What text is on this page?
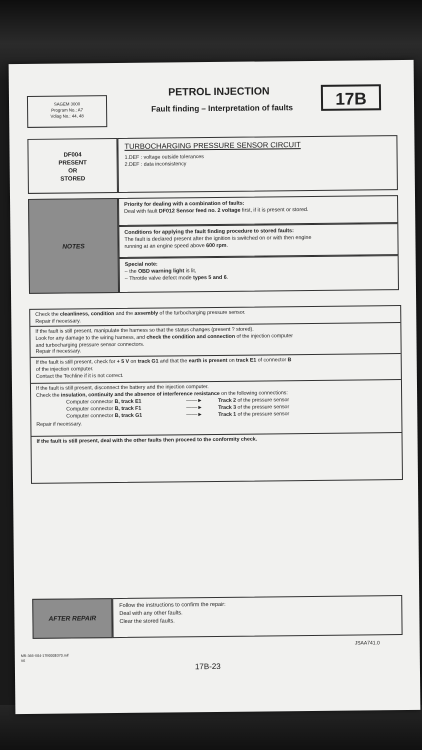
SAGEM 3000
Program No.: A7
Vdiag No.: 44, 48
PETROL INJECTION
Fault finding – Interpretation of faults	17B
DF004
PRESENT
OR
STORED
TURBOCHARGING PRESSURE SENSOR CIRCUIT
1.DEF : voltage outside tolerances
2.DEF : data inconsistency
NOTES
Priority for dealing with a combination of faults:
Deal with fault DF012 Sensor feed no. 2 voltage first, if it is present or stored.
Conditions for applying the fault finding procedure to stored faults:
The fault is declared present after the ignition is switched on or with then engine
running at an engine speed above 600 rpm.
Special note:
– the OBD warning light is lit,
– Throttle valve defect mode types 5 and 6.
Check the cleanliness, condition and the assembly of the turbocharging pressure sensor.
Repair if necessary.
If the fault is still present, manipulate the harness so that the status changes (present ? stored).
Look for any damage to the wiring harness, and check the condition and connection of the injection computer
and turbocharging pressure sensor connectors.
Repair if necessary.
If the fault is still present, check for + 5 V on track G1 and that the earth is present on track E1 of connector B
of the injection computer.
Contact the Techline if it is not correct.
If the fault is still present, disconnect the battery and the injection computer.
Check the insulation, continuity and the absence of interference resistance on the following connections:
Computer connector B, track E1	——►	Track 2 of the pressure sensor
Computer connector B, track F1	——►	Track 3 of the pressure sensor
Computer connector B, track G1	——►	Track 1 of the pressure sensor
Repair if necessary.
If the fault is still present, deal with the other faults then proceed to the conformity check.
AFTER REPAIR
Follow the instructions to confirm the repair:
Deal with any other faults.
Clear the stored faults.
JSAA741.0
MR-366-X84-17B000$370.mif
V6
17B-23
